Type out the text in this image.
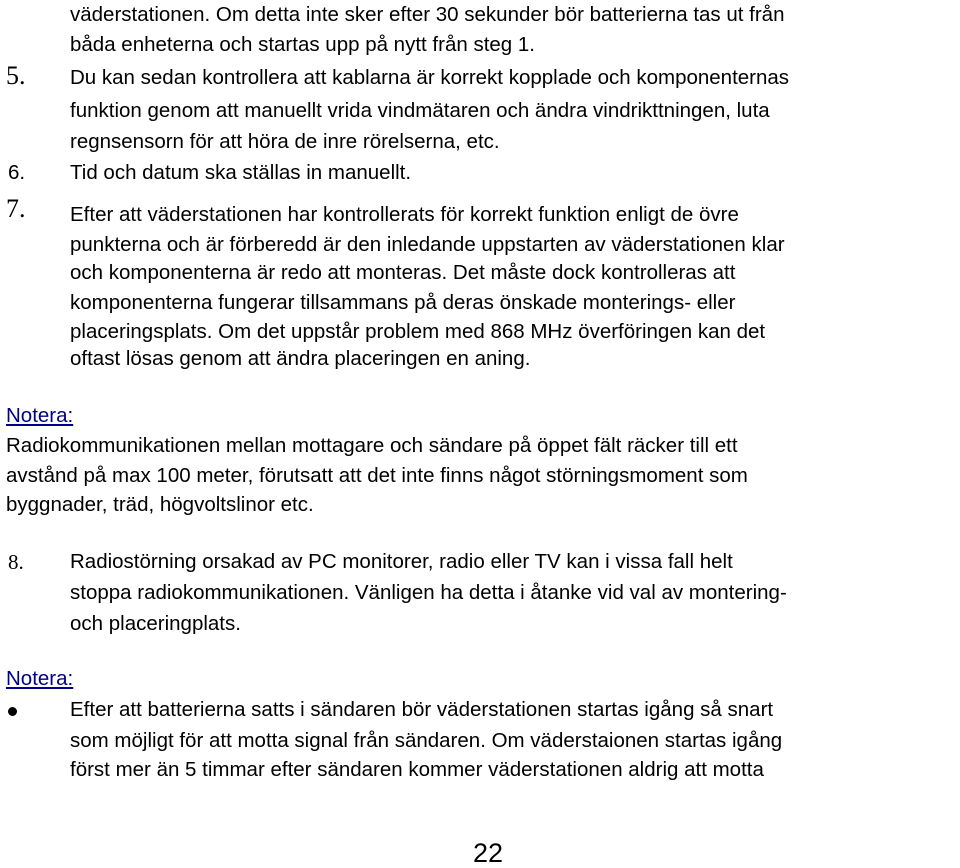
väderstationen. Om detta inte sker efter 30 sekunder bör batterierna tas ut från
båda enheterna och startas upp på nytt från steg 1.
5. Du kan sedan kontrollera att kablarna är korrekt kopplade och komponenternas
funktion genom att manuellt vrida vindmätaren och ändra vindrikttningen, luta
regnsensorn för att höra de inre rörelserna, etc.
6. Tid och datum ska ställas in manuellt.
7. Efter att väderstationen har kontrollerats för korrekt funktion enligt de övre
punkterna och är förberedd är den inledande uppstarten av väderstationen klar
och komponenterna är redo att monteras. Det måste dock kontrolleras att
komponenterna fungerar tillsammans på deras önskade monterings- eller
placeringsplats. Om det uppstår problem med 868 MHz överföringen kan det
oftast lösas genom att ändra placeringen en aning.
Notera:
Radiokommunikationen mellan mottagare och sändare på öppet fält räcker till ett
avstånd på max 100 meter, förutsatt att det inte finns något störningsmoment som
byggnader, träd, högvoltslinor etc.
8. Radiostörning orsakad av PC monitorer, radio eller TV kan i vissa fall helt
stoppa radiokommunikationen. Vänligen ha detta i åtanke vid val av montering-
och placeringplats.
Notera:
Efter att batterierna satts i sändaren bör väderstationen startas igång så snart
som möjligt för att motta signal från sändaren. Om väderstaionen startas igång
först mer än 5 timmar efter sändaren kommer väderstationen aldrig att motta
22
